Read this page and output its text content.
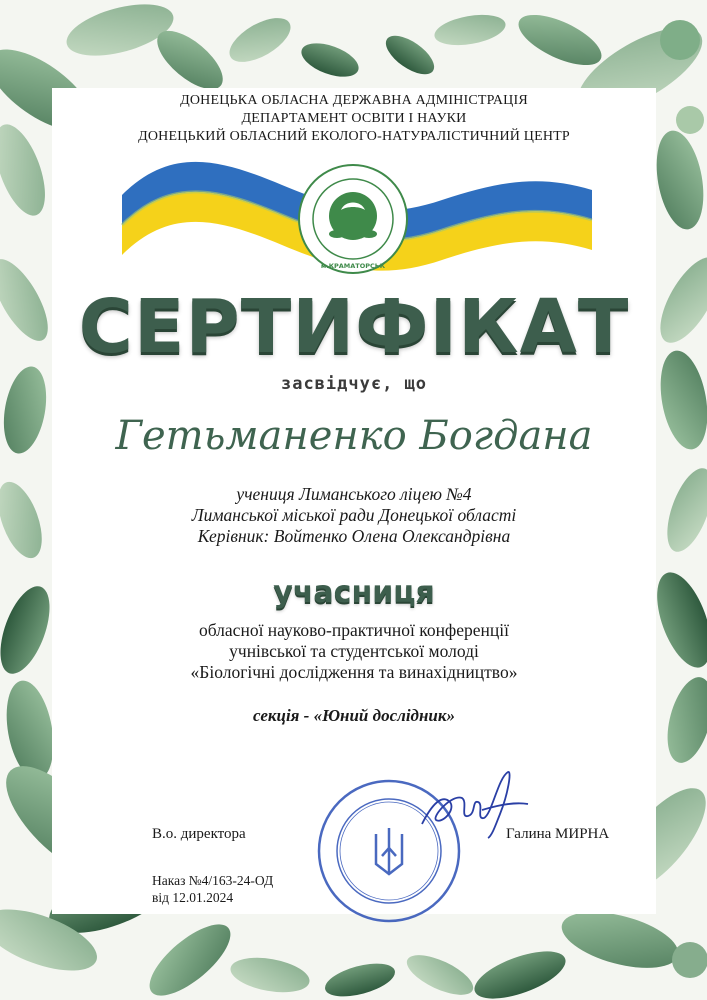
ДОНЕЦЬКА ОБЛАСНА ДЕРЖАВНА АДМІНІСТРАЦІЯ
ДЕПАРТАМЕНТ ОСВІТИ І НАУКИ
ДОНЕЦЬКИЙ ОБЛАСНИЙ ЕКОЛОГО-НАТУРАЛІСТИЧНИЙ ЦЕНТР
м.КРАМАТОРСЬК
СЕРТИФІКАТ
засвідчує, що
Гетьманенко Богдана
учениця Лиманського ліцею №4
Лиманської міської ради Донецької області
Керівник: Войтенко Олена Олександрівна
учасниця
обласної науково-практичної конференції
учнівської та студентської молоді
«Біологічні дослідження та винахідництво»
секція - «Юний дослідник»
В.о. директора	Галина МИРНА
Наказ №4/163-24-ОД
від 12.01.2024
